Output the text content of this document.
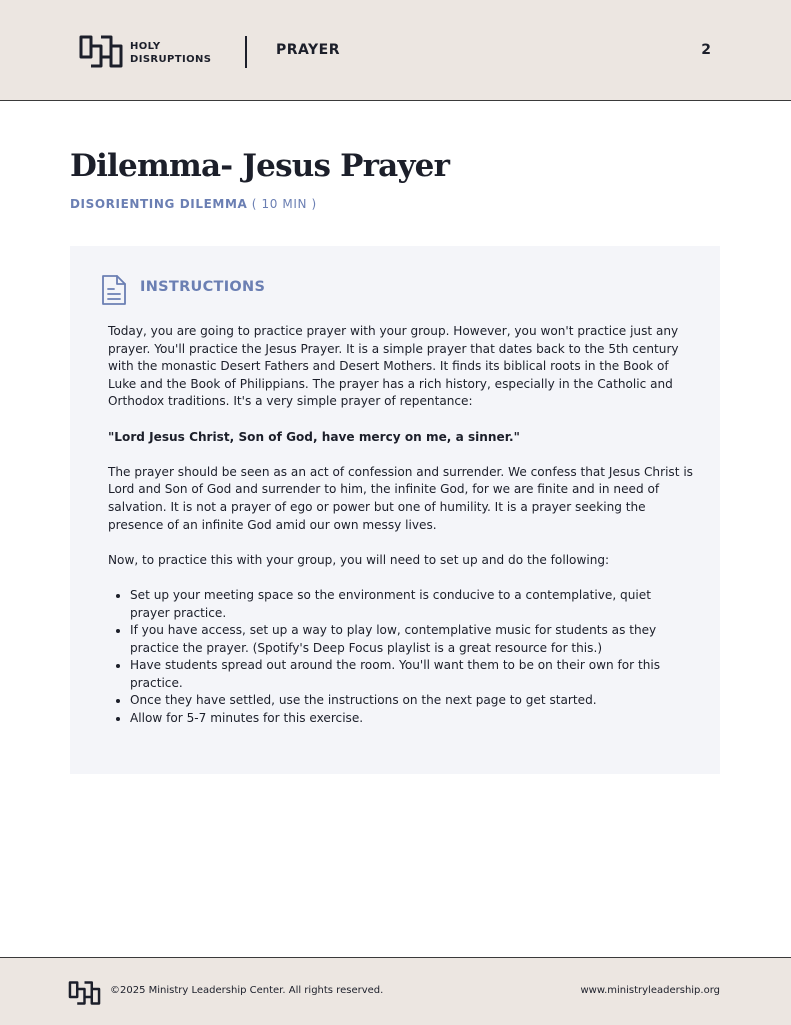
HOLY
DISRUPTIONS
PRAYER	2
Dilemma- Jesus Prayer
DISORIENTING DILEMMA ( 10 MIN )
INSTRUCTIONS

Today, you are going to practice prayer with your group. However, you won't practice just any prayer. You'll practice the Jesus Prayer. It is a simple prayer that dates back to the 5th century with the monastic Desert Fathers and Desert Mothers. It finds its biblical roots in the Book of Luke and the Book of Philippians. The prayer has a rich history, especially in the Catholic and Orthodox traditions. It's a very simple prayer of repentance:

"Lord Jesus Christ, Son of God, have mercy on me, a sinner."

The prayer should be seen as an act of confession and surrender. We confess that Jesus Christ is Lord and Son of God and surrender to him, the infinite God, for we are finite and in need of salvation. It is not a prayer of ego or power but one of humility. It is a prayer seeking the presence of an infinite God amid our own messy lives.

Now, to practice this with your group, you will need to set up and do the following:

• Set up your meeting space so the environment is conducive to a contemplative, quiet prayer practice.
• If you have access, set up a way to play low, contemplative music for students as they practice the prayer. (Spotify's Deep Focus playlist is a great resource for this.)
• Have students spread out around the room. You'll want them to be on their own for this practice.
• Once they have settled, use the instructions on the next page to get started.
• Allow for 5-7 minutes for this exercise.
©2025 Ministry Leadership Center. All rights reserved.	www.ministryleadership.org
